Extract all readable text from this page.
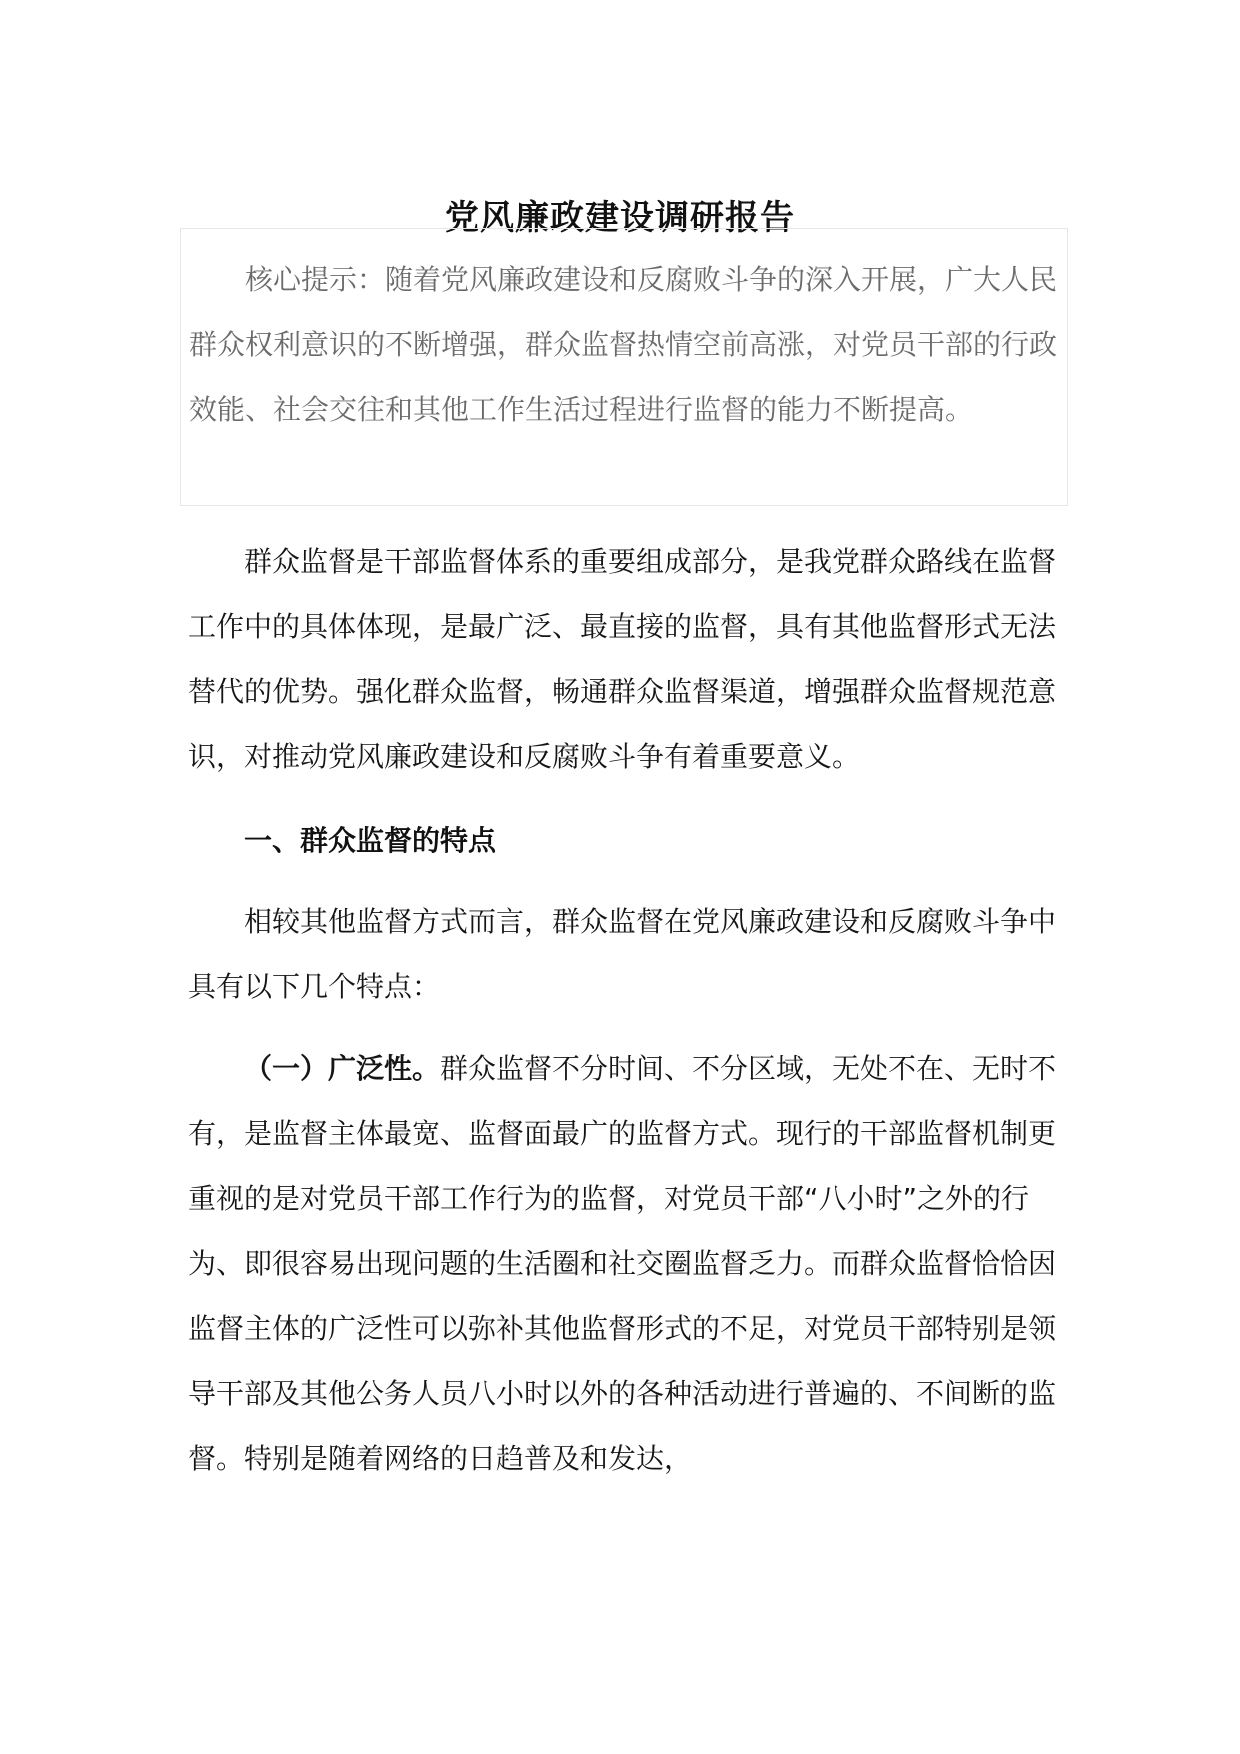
党风廉政建设调研报告

核心提示：随着党风廉政建设和反腐败斗争的深入开展，广大人民群众权利意识的不断增强，群众监督热情空前高涨，对党员干部的行政效能、社会交往和其他工作生活过程进行监督的能力不断提高。

群众监督是干部监督体系的重要组成部分，是我党群众路线在监督工作中的具体体现，是最广泛、最直接的监督，具有其他监督形式无法替代的优势。强化群众监督，畅通群众监督渠道，增强群众监督规范意识，对推动党风廉政建设和反腐败斗争有着重要意义。

一、群众监督的特点

相较其他监督方式而言，群众监督在党风廉政建设和反腐败斗争中具有以下几个特点：

（一）广泛性。群众监督不分时间、不分区域，无处不在、无时不有，是监督主体最宽、监督面最广的监督方式。现行的干部监督机制更重视的是对党员干部工作行为的监督，对党员干部“八小时”之外的行为、即很容易出现问题的生活圈和社交圈监督乏力。而群众监督恰恰因监督主体的广泛性可以弥补其他监督形式的不足，对党员干部特别是领导干部及其他公务人员八小时以外的各种活动进行普遍的、不间断的监督。特别是随着网络的日趋普及和发达，
